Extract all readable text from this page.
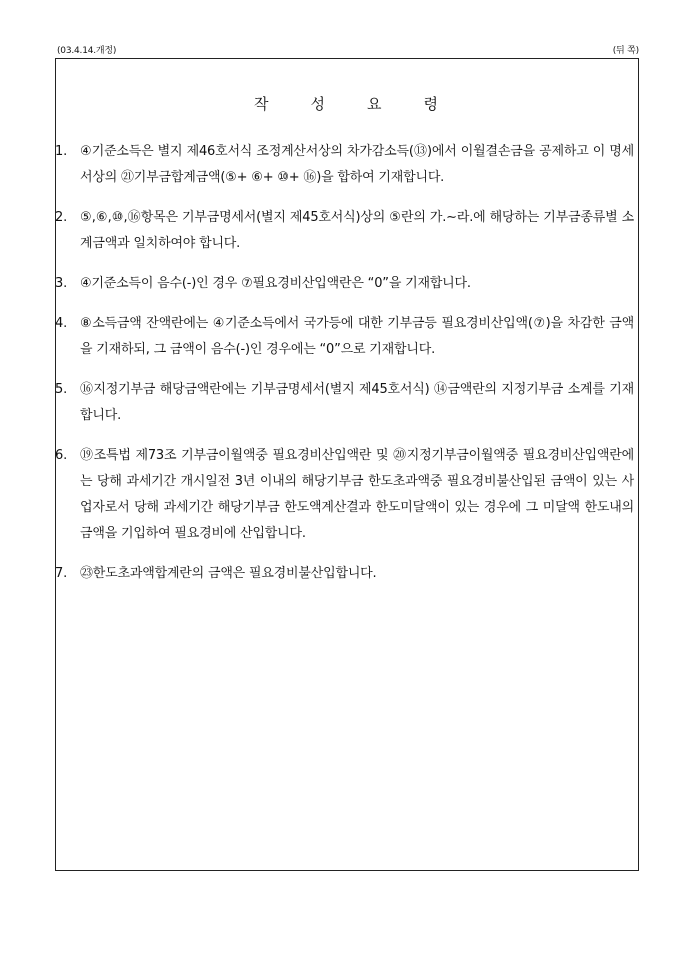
(03.4.14.개정)	(뒤 쪽)
작성요령
1. ④기준소득은 별지 제46호서식 조정계산서상의 차가감소득(⑬)에서 이월결손금을 공제하고 이 명세서상의 ㉑기부금합계금액(⑤+ ⑥+ ⑩+ ⑯)을 합하여 기재합니다.
2. ⑤,⑥,⑩,⑯항목은 기부금명세서(별지 제45호서식)상의 ⑤란의 가.∼라.에 해당하는 기부금종류별 소계금액과 일치하여야 합니다.
3. ④기준소득이 음수(-)인 경우 ⑦필요경비산입액란은 “0”을 기재합니다.
4. ⑧소득금액 잔액란에는 ④기준소득에서 국가등에 대한 기부금등 필요경비산입액(⑦)을 차감한 금액을 기재하되, 그 금액이 음수(-)인 경우에는 “0”으로 기재합니다.
5. ⑯지정기부금 해당금액란에는 기부금명세서(별지 제45호서식) ⑭금액란의 지정기부금 소계를 기재합니다.
6. ⑲조특법 제73조 기부금이월액중 필요경비산입액란 및 ⑳지정기부금이월액중 필요경비산입액란에는 당해 과세기간 개시일전 3년 이내의 해당기부금 한도초과액중 필요경비불산입된 금액이 있는 사업자로서 당해 과세기간 해당기부금 한도액계산결과 한도미달액이 있는 경우에 그 미달액 한도내의 금액을 기입하여 필요경비에 산입합니다.
7. ㉓한도초과액합계란의 금액은 필요경비불산입합니다.
